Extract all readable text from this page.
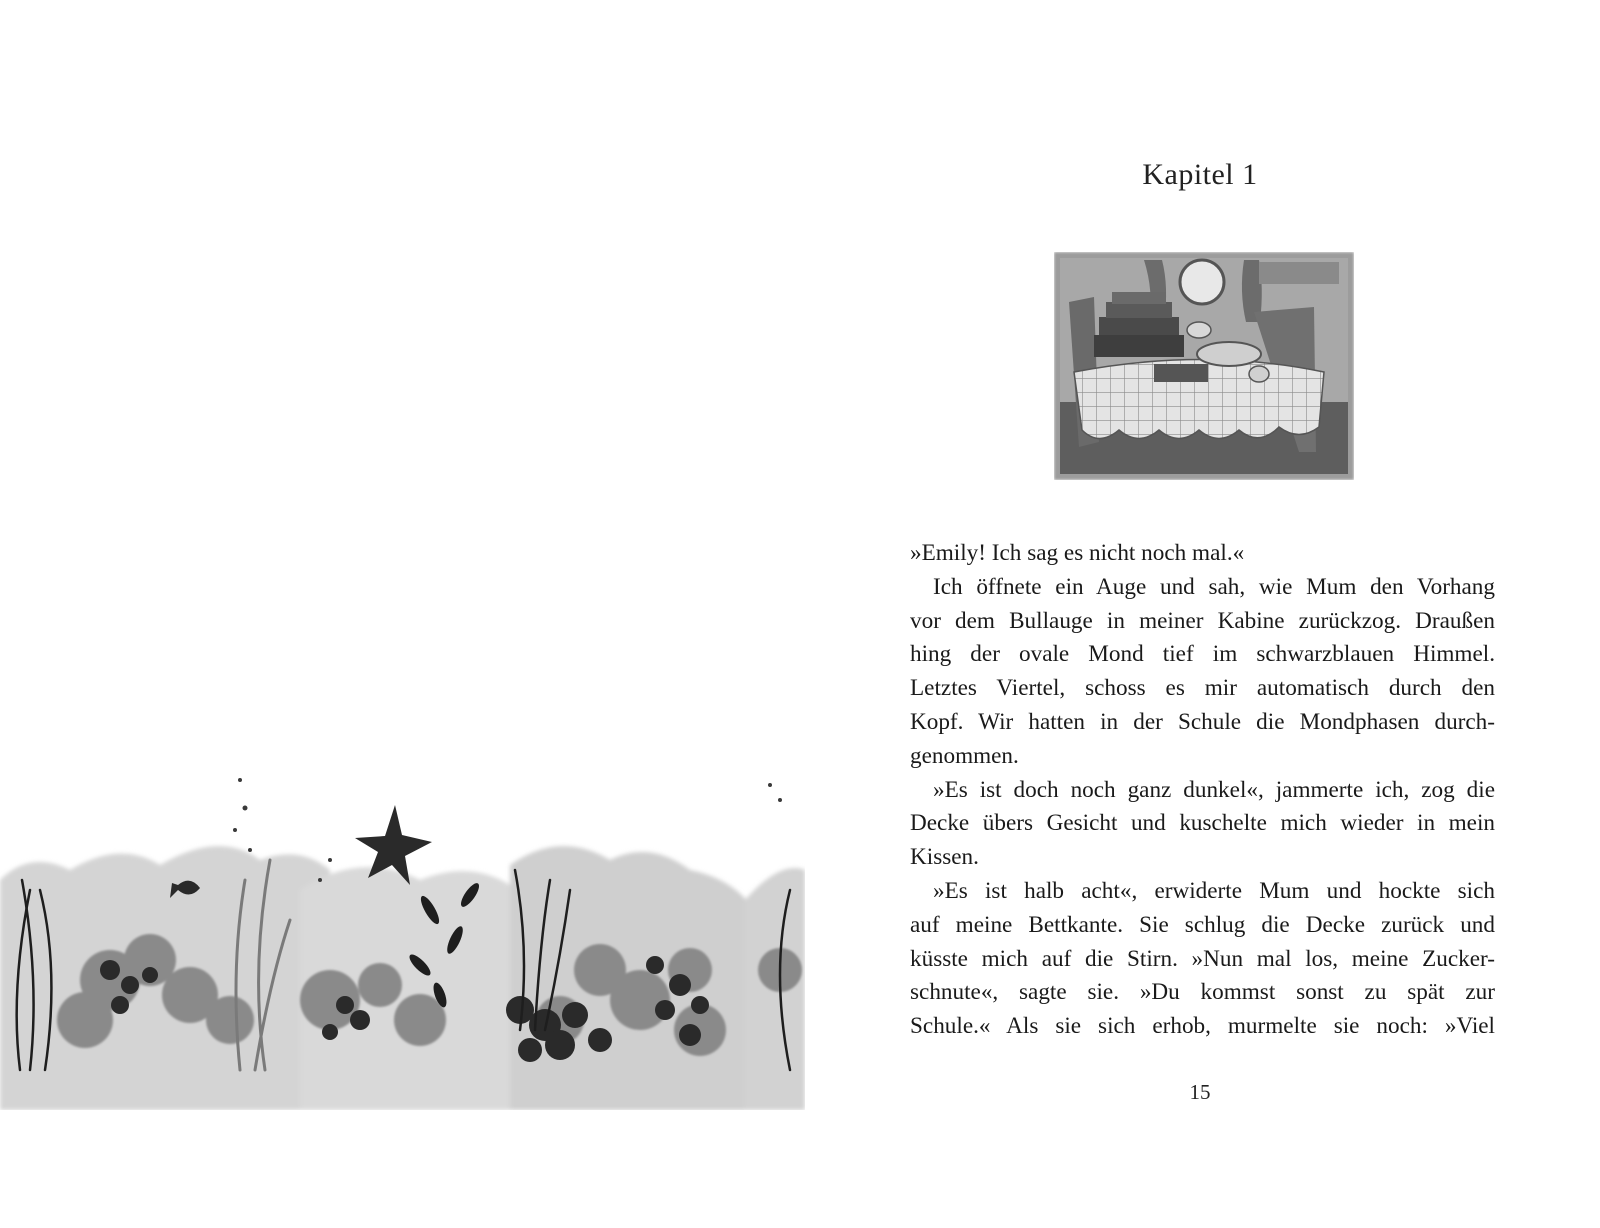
Kapitel 1
»Emily! Ich sag es nicht noch mal.«
Ich öffnete ein Auge und sah, wie Mum den Vorhang
vor dem Bullauge in meiner Kabine zurückzog. Draußen
hing der ovale Mond tief im schwarzblauen Himmel.
Letztes Viertel, schoss es mir automatisch durch den
Kopf. Wir hatten in der Schule die Mondphasen durch-
genommen.
»Es ist doch noch ganz dunkel«, jammerte ich, zog die
Decke übers Gesicht und kuschelte mich wieder in mein
Kissen.
»Es ist halb acht«, erwiderte Mum und hockte sich
auf meine Bettkante. Sie schlug die Decke zurück und
küsste mich auf die Stirn. »Nun mal los, meine Zucker-
schnute«, sagte sie. »Du kommst sonst zu spät zur
Schule.« Als sie sich erhob, murmelte sie noch: »Viel
15
